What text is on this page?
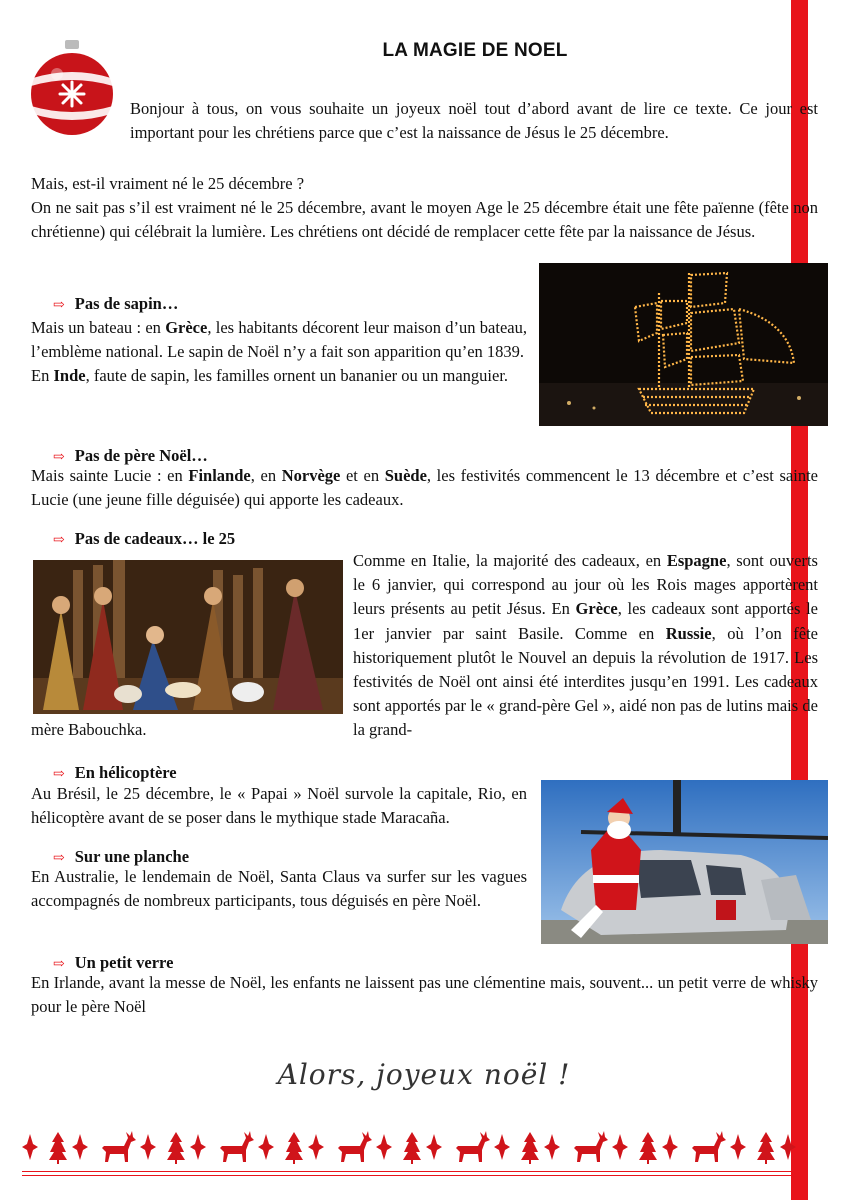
LA MAGIE DE NOEL

Bonjour à tous, on vous souhaite un joyeux noël tout d’abord avant de lire ce texte. Ce jour est important pour les chrétiens parce que c’est la naissance de Jésus le 25 décembre.

Mais, est-il vraiment né le 25 décembre ?

On ne sait pas s’il est vraiment né le 25 décembre, avant le moyen Age le 25 décembre était une fête païenne (fête non chrétienne) qui célébrait la lumière. Les chrétiens ont décidé de remplacer cette fête par la naissance de Jésus.

⇨ Pas de sapin…

Mais un bateau : en Grèce, les habitants décorent leur maison d’un bateau, l’emblème national. Le sapin de Noël n’y a fait son apparition qu’en 1839.
En Inde, faute de sapin, les familles ornent un bananier ou un manguier.

⇨ Pas de père Noël…

Mais sainte Lucie : en Finlande, en Norvège et en Suède, les festivités commencent le 13 décembre et c’est sainte Lucie (une jeune fille déguisée) qui apporte les cadeaux.

⇨ Pas de cadeaux… le 25

Comme en Italie, la majorité des cadeaux, en Espagne, sont ouverts le 6 janvier, qui correspond au jour où les Rois mages apportèrent leurs présents au petit Jésus. En Grèce, les cadeaux sont apportés le 1er janvier par saint Basile. Comme en Russie, où l’on fête historiquement plutôt le Nouvel an depuis la révolution de 1917. Les festivités de Noël ont ainsi été interdites jusqu’en 1991. Les cadeaux sont apportés par le « grand-père Gel », aidé non pas de lutins mais de la grand-

mère Babouchka.

⇨ En hélicoptère

Au Brésil, le 25 décembre, le « Papai » Noël survole la capitale, Rio, en hélicoptère avant de se poser dans le mythique stade Maracaña.

⇨ Sur une planche

En Australie, le lendemain de Noël, Santa Claus va surfer sur les vagues accompagnés de nombreux participants, tous déguisés en père Noël.

⇨ Un petit verre

En Irlande, avant la messe de Noël, les enfants ne laissent pas une clémentine mais, souvent... un petit verre de whisky pour le père Noël

Alors, joyeux noël !
